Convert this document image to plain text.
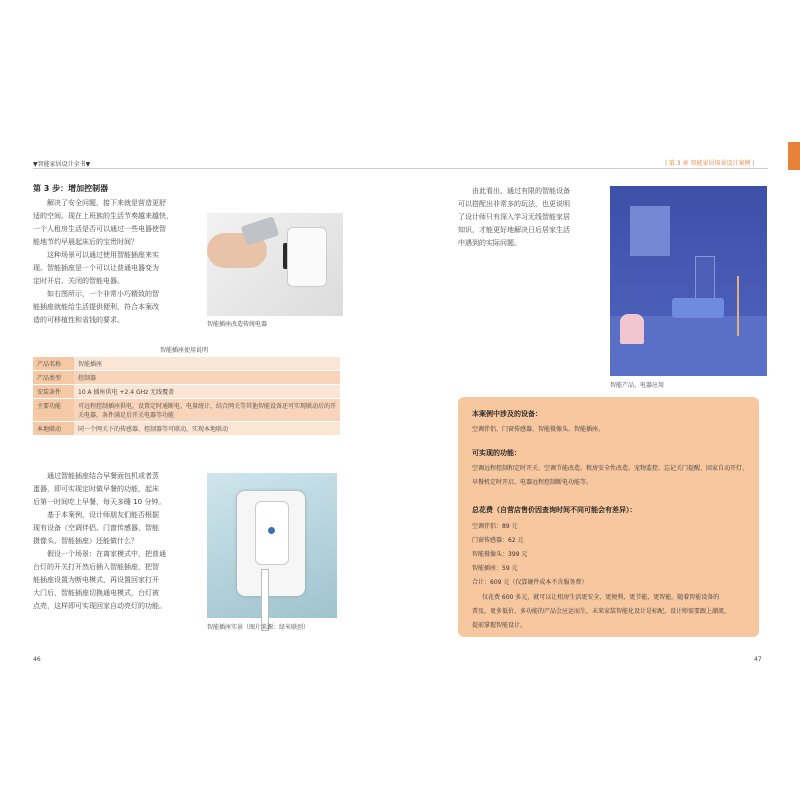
▼智能家居设计全书▼	| 第 3 章 智能家居场景设计案例 |
第 3 步：增加控制器
解决了安全问题，接下来就是营造更舒
适的空间。现在上班族的生活节奏越来越快，
一个人租房生活是否可以通过一些电器使智
能地节约早晨起床后的宝贵时间？
这种场景可以通过使用智能插座来实
现。智能插座是一个可以让普通电器变为
定时开启、关闭的智能电器。
如右图所示，一个非常小巧精致的智
能插座就能给生活提供便利，符合本案改
造的可移植性和省钱的要求。
智能插座改造传统电器
智能插座使用说明
产品名称	智能插座
产品类型	控制器
安装条件	10 A 插座供电 +2.4 GHz 无线覆盖
主要功能	可远程控制插座供电，设置定时通断电、电量统计，结合网关等其他智能设备还可实现联动后的开关电器、条件满足后开关电器等功能
本地联动	同一个网关下的传感器、控制器等可联动，实现本地联动
通过智能插座结合早餐面包机或者蒸
蛋器，即可实现定时做早餐的功能，起床
后第一时间吃上早餐，每天多睡 10 分钟。
基于本案例，设计师朋友们能否根据
现有设备（空调伴侣、门窗传感器、智能
摄像头、智能插座）还能做什么？
假设一个场景：在离家模式中，把普通
台灯的开关打开然后插入智能插座，把智
能插座设置为断电模式，再设置回家打开
大门后，智能插座切换通电模式，台灯被
点亮，这样即可实现回家自动亮灯的功能。
智能插座实景（图片来源：绿米联创）
46
由此看出，通过有限的智能设备
可以搭配出非常多的玩法，也更说明
了设计师只有深入学习无线智能家居
知识，才能更好地解决日后居家生活
中遇到的实际问题。
智能产品、电器应用
本案例中涉及的设备：
空调伴侣、门窗传感器、智能摄像头、智能插座。
可实现的功能：
空调远程控制和定时开关、空调节能改造、租房安全性改造、宠物监控、忘记关门提醒、回家自动开灯、
早餐机定时开启、电器远程控制断电功能等。
总花费（自营店售价因查询时间不同可能会有差异）：
空调伴侣：89 元
门窗传感器：62 元
智能摄像头：399 元
智能插座：59 元
合计：609 元（仅算硬件成本不含服务费）
仅花费 600 多元，就可以让租房生活更安全、更便利、更节能、更智能。随着智能设备的
普及，更多低价、多功能的产品会应运而生，未来家装智能化设计是标配，设计师需要跟上潮流，
提前掌握智能设计。
47
